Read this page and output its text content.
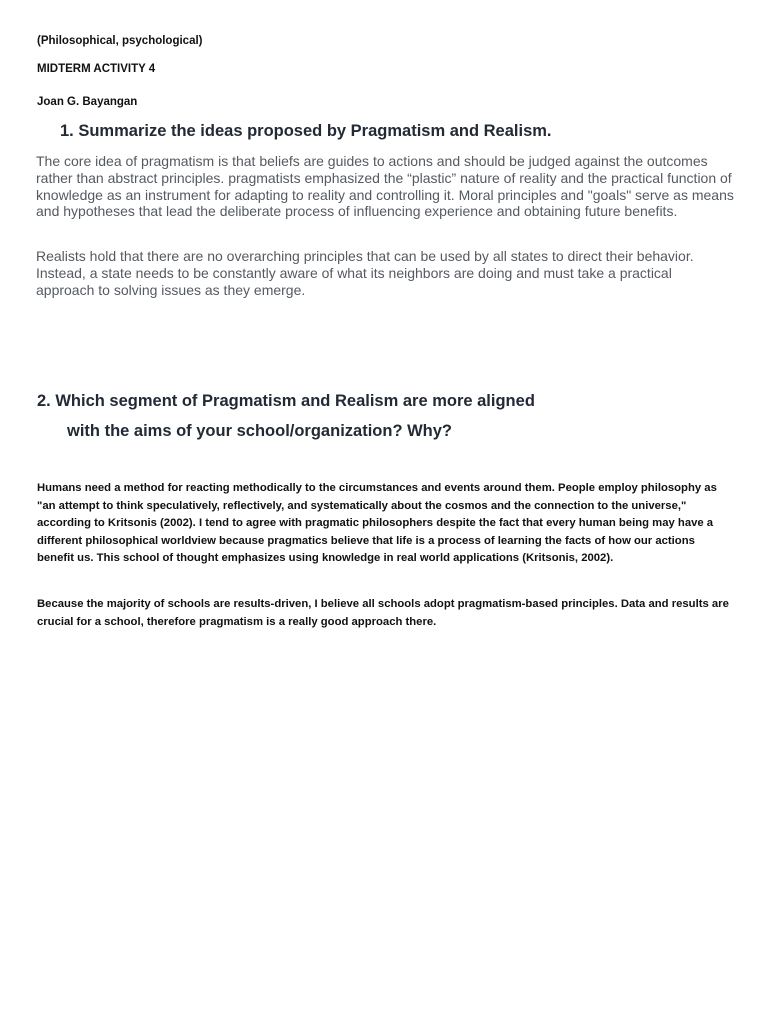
(Philosophical, psychological)

MIDTERM ACTIVITY 4

Joan G. Bayangan

1. Summarize the ideas proposed by Pragmatism and Realism.

The core idea of pragmatism is that beliefs are guides to actions and should be judged against the outcomes rather than abstract principles. pragmatists emphasized the “plastic” nature of reality and the practical function of knowledge as an instrument for adapting to reality and controlling it. Moral principles and "goals" serve as means and hypotheses that lead the deliberate process of influencing experience and obtaining future benefits.

Realists hold that there are no overarching principles that can be used by all states to direct their behavior. Instead, a state needs to be constantly aware of what its neighbors are doing and must take a practical approach to solving issues as they emerge.

2. Which segment of Pragmatism and Realism are more aligned
with the aims of your school/organization? Why?

Humans need a method for reacting methodically to the circumstances and events around them. People employ philosophy as "an attempt to think speculatively, reflectively, and systematically about the cosmos and the connection to the universe," according to Kritsonis (2002). I tend to agree with pragmatic philosophers despite the fact that every human being may have a different philosophical worldview because pragmatics believe that life is a process of learning the facts of how our actions benefit us. This school of thought emphasizes using knowledge in real world applications (Kritsonis, 2002).

Because the majority of schools are results-driven, I believe all schools adopt pragmatism-based principles. Data and results are crucial for a school, therefore pragmatism is a really good approach there.
